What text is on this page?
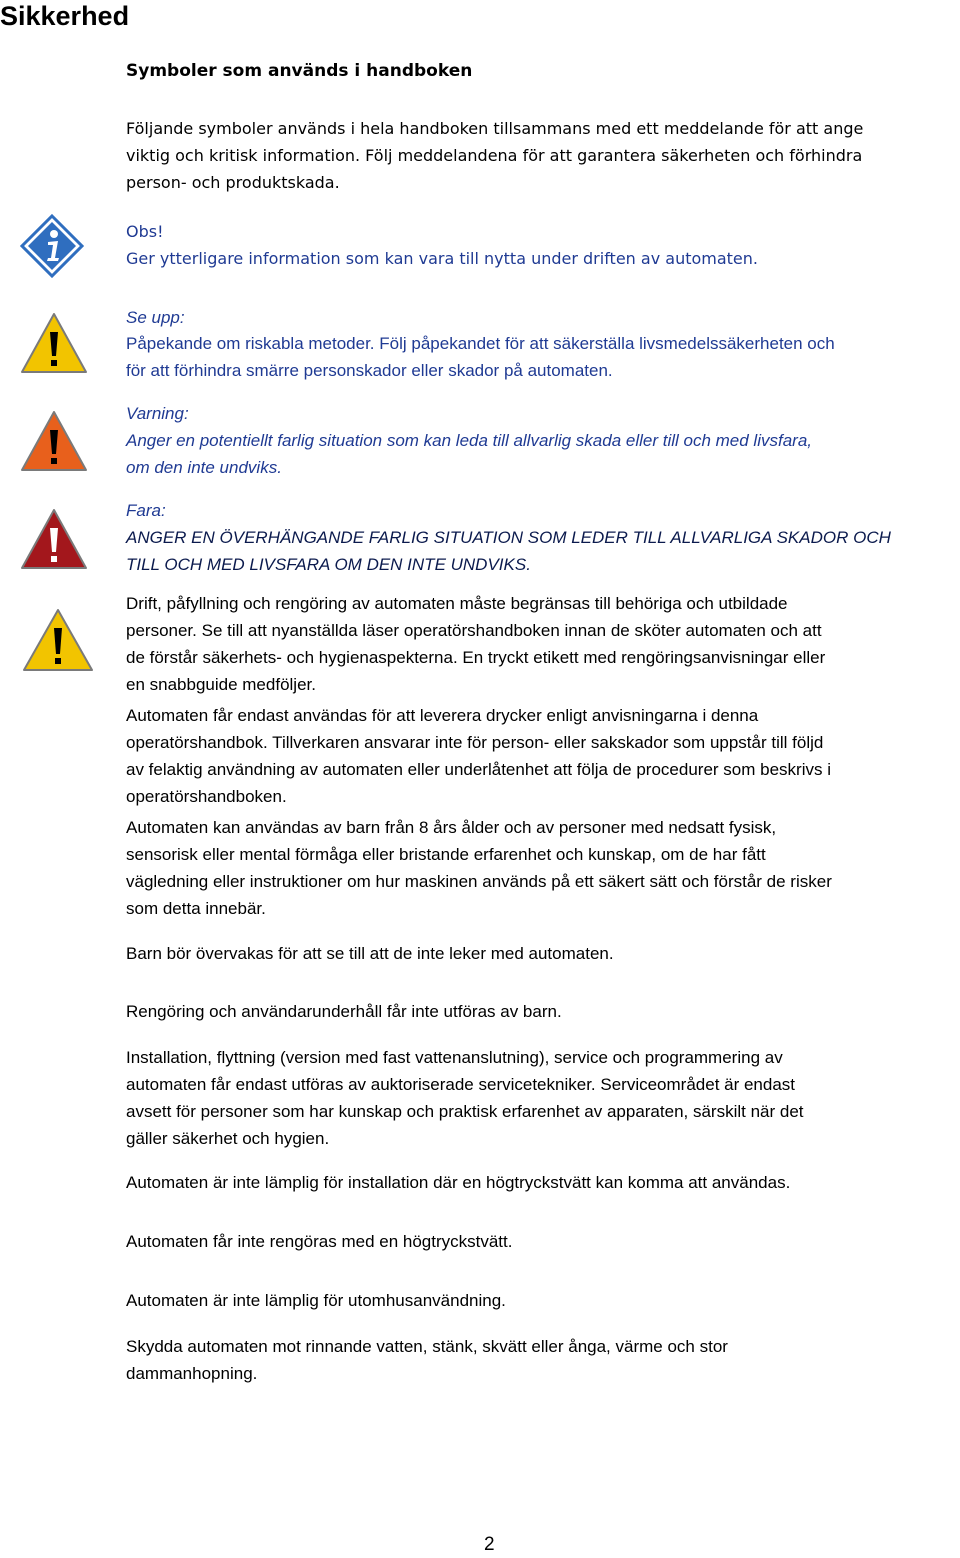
Sikkerhed
Symboler som används i handboken
Följande symboler används i hela handboken tillsammans med ett meddelande för att ange
viktig och kritisk information. Följ meddelandena för att garantera säkerheten och förhindra
person- och produktskada.
Obs!
Ger ytterligare information som kan vara till nytta under driften av automaten.
Se upp:
Påpekande om riskabla metoder. Följ påpekandet för att säkerställa livsmedelssäkerheten och
för att förhindra smärre personskador eller skador på automaten.
Varning:
Anger en potentiellt farlig situation som kan leda till allvarlig skada eller till och med livsfara,
om den inte undviks.
Fara:
ANGER EN ÖVERHÄNGANDE FARLIG SITUATION SOM LEDER TILL ALLVARLIGA SKADOR OCH
TILL OCH MED LIVSFARA OM DEN INTE UNDVIKS.
Drift, påfyllning och rengöring av automaten måste begränsas till behöriga och utbildade
personer. Se till att nyanställda läser operatörshandboken innan de sköter automaten och att
de förstår säkerhets- och hygienaspekterna. En tryckt etikett med rengöringsanvisningar eller
en snabbguide medföljer.
Automaten får endast användas för att leverera drycker enligt anvisningarna i denna
operatörshandbok. Tillverkaren ansvarar inte för person- eller sakskador som uppstår till följd
av felaktig användning av automaten eller underlåtenhet att följa de procedurer som beskrivs i
operatörshandboken.
Automaten kan användas av barn från 8 års ålder och av personer med nedsatt fysisk,
sensorisk eller mental förmåga eller bristande erfarenhet och kunskap, om de har fått
vägledning eller instruktioner om hur maskinen används på ett säkert sätt och förstår de risker
som detta innebär.
Barn bör övervakas för att se till att de inte leker med automaten.
Rengöring och användarunderhåll får inte utföras av barn.
Installation, flyttning (version med fast vattenanslutning), service och programmering av
automaten får endast utföras av auktoriserade servicetekniker. Serviceområdet är endast
avsett för personer som har kunskap och praktisk erfarenhet av apparaten, särskilt när det
gäller säkerhet och hygien.
Automaten är inte lämplig för installation där en högtryckstvätt kan komma att användas.
Automaten får inte rengöras med en högtryckstvätt.
Automaten är inte lämplig för utomhusanvändning.
Skydda automaten mot rinnande vatten, stänk, skvätt eller ånga, värme och stor
dammanhopning.
2
